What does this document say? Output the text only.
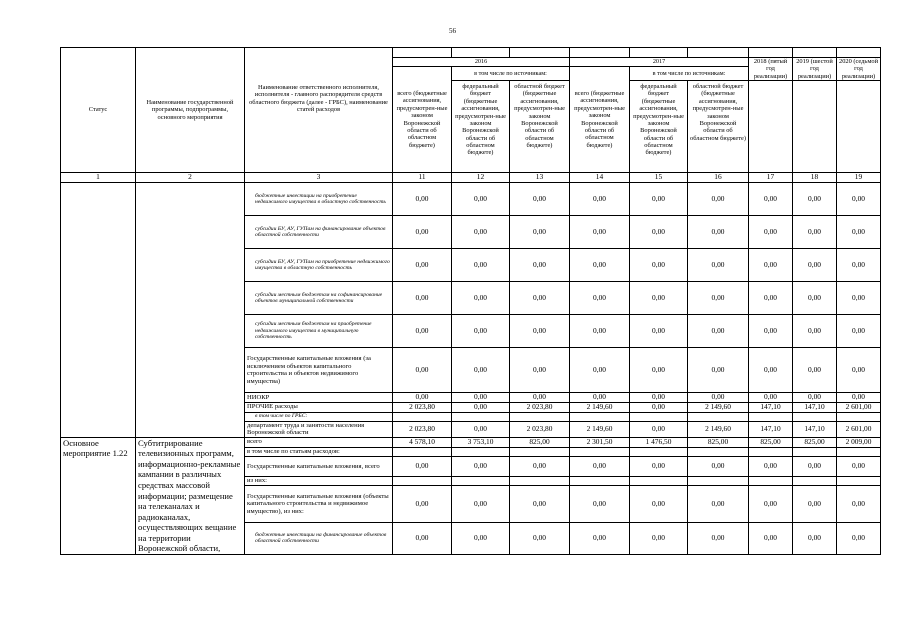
56
Статус	Наименование государственной программы, подпрограммы, основного мероприятия	Наименование ответственного исполнителя, исполнителя - главного распорядителя средств областного бюджета (далее - ГРБС), наименование статей расходов									
			2016			2017			2018 (пятый год реализации)	2019 (шестой год реализации)	2020 (седьмой год реализации)
			всего (бюджетные ассигнования, предусмотрен-ные законом Воронежской области об областном бюджете)	в том числе по источникам:		всего (бюджетные ассигнования, предусмотрен-ные законом Воронежской области об областном бюджете)	в том числе по источникам:				
				федеральный бюджет (бюджетные ассигнования, предусмотрен-ные законом Воронежской области об областном бюджете)	областной бюджет (бюджетные ассигнования, предусмотрен-ные законом Воронежской области об областном бюджете)		федеральный бюджет (бюджетные ассигнования, предусмотрен-ные законом Воронежской области об областном бюджете)	областной бюджет (бюджетные ассигнования, предусмотрен-ные законом Воронежской области об областном бюджете)			
1	2	3	11	12	13	14	15	16	17	18	19
		бюджетные инвестиции на приобретение недвижимого имущества в областную собственность	0,00	0,00	0,00	0,00	0,00	0,00	0,00	0,00	0,00
		субсидии БУ, АУ, ГУПам на финансирование объектов областной собственности	0,00	0,00	0,00	0,00	0,00	0,00	0,00	0,00	0,00
		субсидии БУ, АУ, ГУПам на приобретение недвижимого имущества в областную собственность	0,00	0,00	0,00	0,00	0,00	0,00	0,00	0,00	0,00
		субсидии местным бюджетам на софинансирование объектов муниципальной собственности	0,00	0,00	0,00	0,00	0,00	0,00	0,00	0,00	0,00
		субсидии местным бюджетам на приобретение недвижимого имущества в муниципальную собственность	0,00	0,00	0,00	0,00	0,00	0,00	0,00	0,00	0,00
		Государственные капитальные вложения (за исключением объектов капитального строительства и объектов недвижимого имущества)	0,00	0,00	0,00	0,00	0,00	0,00	0,00	0,00	0,00
		НИОКР	0,00	0,00	0,00	0,00	0,00	0,00	0,00	0,00	0,00
		ПРОЧИЕ расходы	2 023,80	0,00	2 023,80	2 149,60	0,00	2 149,60	147,10	147,10	2 601,00
		в том числе по ГРБС:									
		департамент труда и занятости населения Воронежской области	2 023,80	0,00	2 023,80	2 149,60	0,00	2 149,60	147,10	147,10	2 601,00
Основное мероприятие 1.22	Субтитрирование телевизионных программ, информационно-рекламные кампании в различных средствах массовой информации; размещение на телеканалах и радиоканалах, осуществляющих вещание на территории Воронежской области,	всего	4 578,10	3 753,10	825,00	2 301,50	1 476,50	825,00	825,00	825,00	2 009,00
		в том числе по статьям расходов:									
		Государственные капитальные вложения, всего	0,00	0,00	0,00	0,00	0,00	0,00	0,00	0,00	0,00
		из них:									
		Государственные капитальные вложения (объекты капитального строительства и недвижимое имущество), из них:	0,00	0,00	0,00	0,00	0,00	0,00	0,00	0,00	0,00
		бюджетные инвестиции на финансирование объектов областной собственности	0,00	0,00	0,00	0,00	0,00	0,00	0,00	0,00	0,00
